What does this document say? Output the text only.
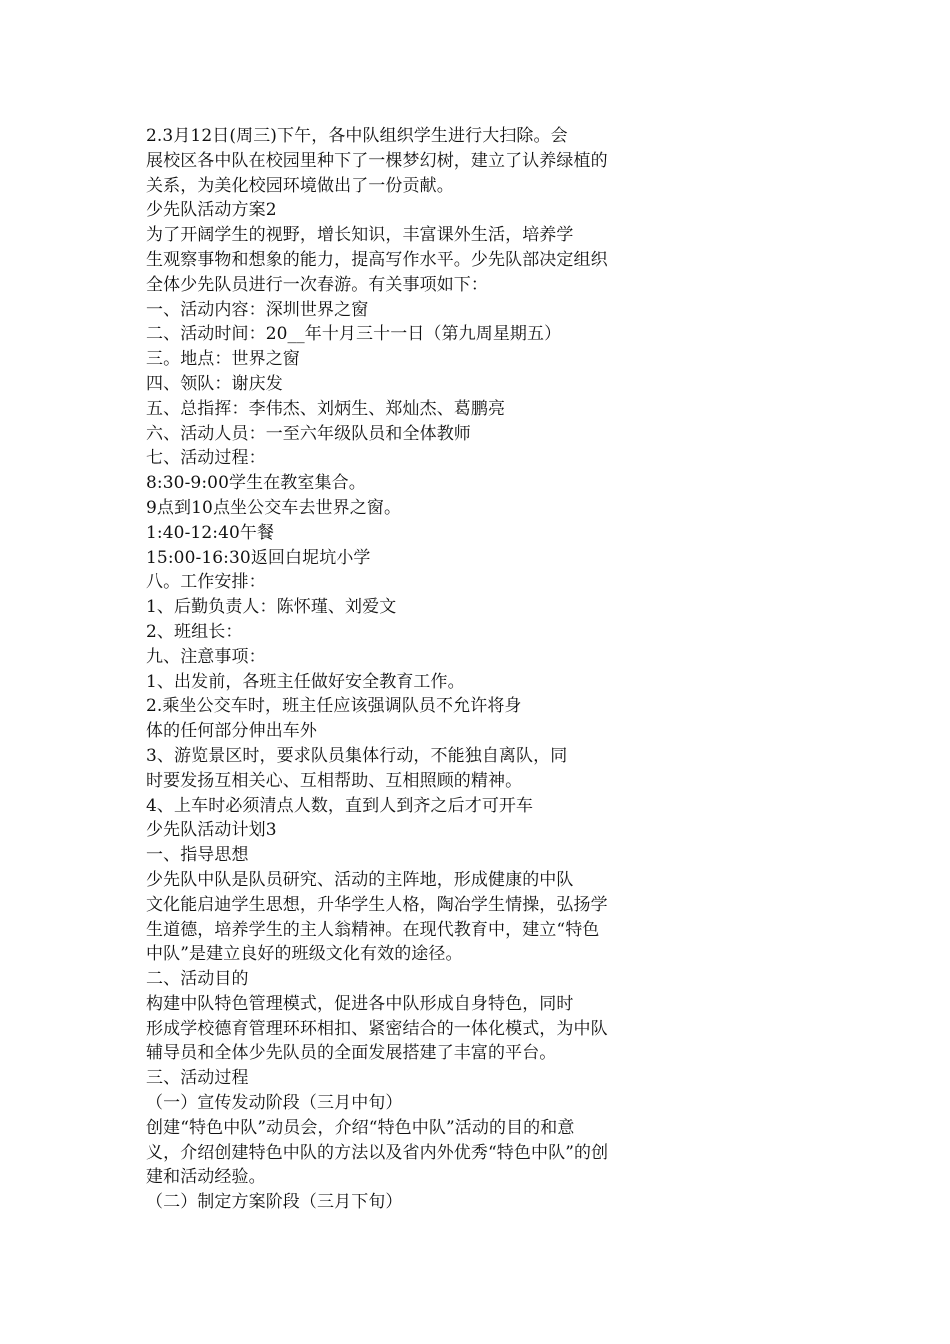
2.3月12日(周三)下午，各中队组织学生进行大扫除。会
展校区各中队在校园里种下了一棵梦幻树，建立了认养绿植的
关系，为美化校园环境做出了一份贡献。
少先队活动方案2
为了开阔学生的视野，增长知识，丰富课外生活，培养学
生观察事物和想象的能力，提高写作水平。少先队部决定组织
全体少先队员进行一次春游。有关事项如下：
一、活动内容：深圳世界之窗
二、活动时间：20__年十月三十一日（第九周星期五）
三。地点：世界之窗
四、领队：谢庆发
五、总指挥：李伟杰、刘炳生、郑灿杰、葛鹏亮
六、活动人员：一至六年级队员和全体教师
七、活动过程：
8:30-9:00学生在教室集合。
9点到10点坐公交车去世界之窗。
1:40-12:40午餐
15:00-16:30返回白坭坑小学
八。工作安排：
1、后勤负责人：陈怀瑾、刘爱文
2、班组长：
九、注意事项：
1、出发前，各班主任做好安全教育工作。
2.乘坐公交车时，班主任应该强调队员不允许将身
体的任何部分伸出车外
3、游览景区时，要求队员集体行动，不能独自离队，同
时要发扬互相关心、互相帮助、互相照顾的精神。
4、上车时必须清点人数，直到人到齐之后才可开车
少先队活动计划3
一、指导思想
少先队中队是队员研究、活动的主阵地，形成健康的中队
文化能启迪学生思想，升华学生人格，陶冶学生情操，弘扬学
生道德，培养学生的主人翁精神。在现代教育中，建立“特色
中队”是建立良好的班级文化有效的途径。
二、活动目的
构建中队特色管理模式，促进各中队形成自身特色，同时
形成学校德育管理环环相扣、紧密结合的一体化模式，为中队
辅导员和全体少先队员的全面发展搭建了丰富的平台。
三、活动过程
（一）宣传发动阶段（三月中旬）
创建“特色中队”动员会，介绍“特色中队”活动的目的和意
义，介绍创建特色中队的方法以及省内外优秀“特色中队”的创
建和活动经验。
（二）制定方案阶段（三月下旬）
